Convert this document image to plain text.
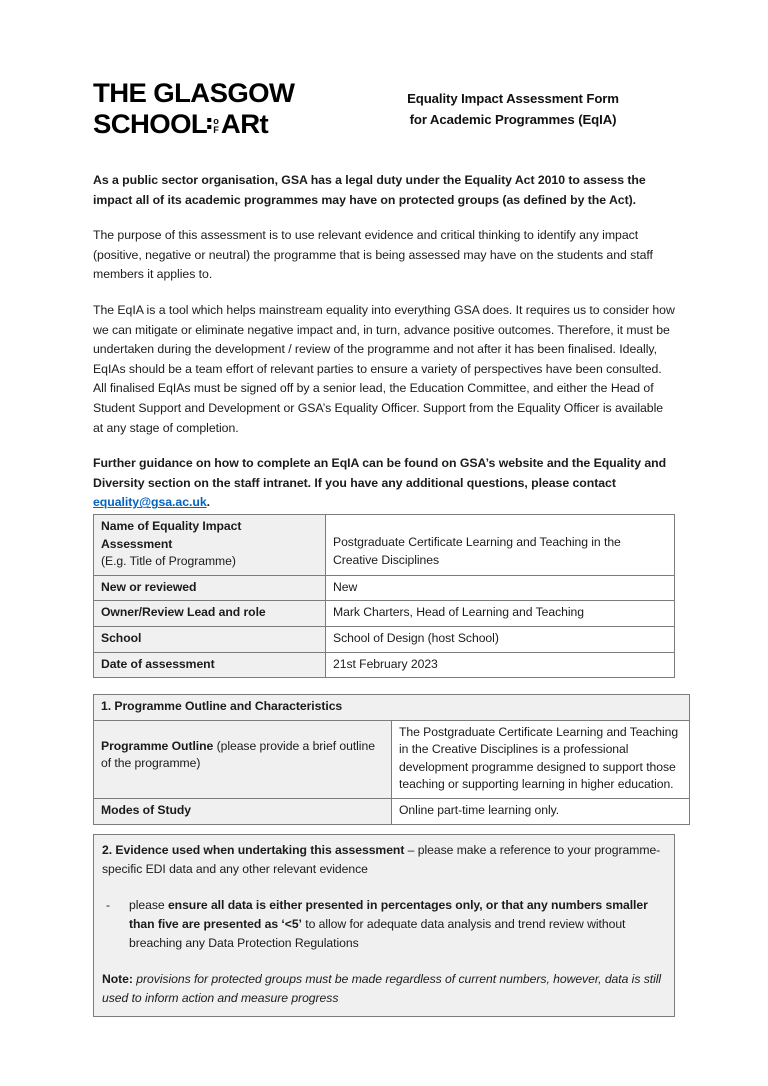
THE GLASGOW
SCHOOL o
F ARt
Equality Impact Assessment Form
for Academic Programmes (EqIA)

As a public sector organisation, GSA has a legal duty under the Equality Act 2010 to assess the impact all of its academic programmes may have on protected groups (as defined by the Act).

The purpose of this assessment is to use relevant evidence and critical thinking to identify any impact (positive, negative or neutral) the programme that is being assessed may have on the students and staff members it applies to.

The EqIA is a tool which helps mainstream equality into everything GSA does. It requires us to consider how we can mitigate or eliminate negative impact and, in turn, advance positive outcomes. Therefore, it must be undertaken during the development / review of the programme and not after it has been finalised. Ideally, EqIAs should be a team effort of relevant parties to ensure a variety of perspectives have been consulted. All finalised EqIAs must be signed off by a senior lead, the Education Committee, and either the Head of Student Support and Development or GSA’s Equality Officer. Support from the Equality Officer is available at any stage of completion.

Further guidance on how to complete an EqIA can be found on GSA’s website and the Equality and Diversity section on the staff intranet. If you have any additional questions, please contact equality@gsa.ac.uk.

Name of Equality Impact
Assessment
(E.g. Title of Programme)	Postgraduate Certificate Learning and Teaching in the Creative Disciplines

New or reviewed	New
Owner/Review Lead and role	Mark Charters, Head of Learning and Teaching
School	School of Design (host School)
Date of assessment	21st February 2023
1. Programme Outline and Characteristics	

Programme Outline (please provide a brief outline of the programme)	The Postgraduate Certificate Learning and Teaching in the Creative Disciplines is a professional development programme designed to support those teaching or supporting learning in higher education.
Modes of Study	Online part-time learning only.

2. Evidence used when undertaking this assessment – please make a reference to your programme-specific EDI data and any other relevant evidence

-	please ensure all data is either presented in percentages only, or that any numbers smaller than five are presented as ‘<5’ to allow for adequate data analysis and trend review without breaching any Data Protection Regulations

Note: provisions for protected groups must be made regardless of current numbers, however, data is still used to inform action and measure progress
